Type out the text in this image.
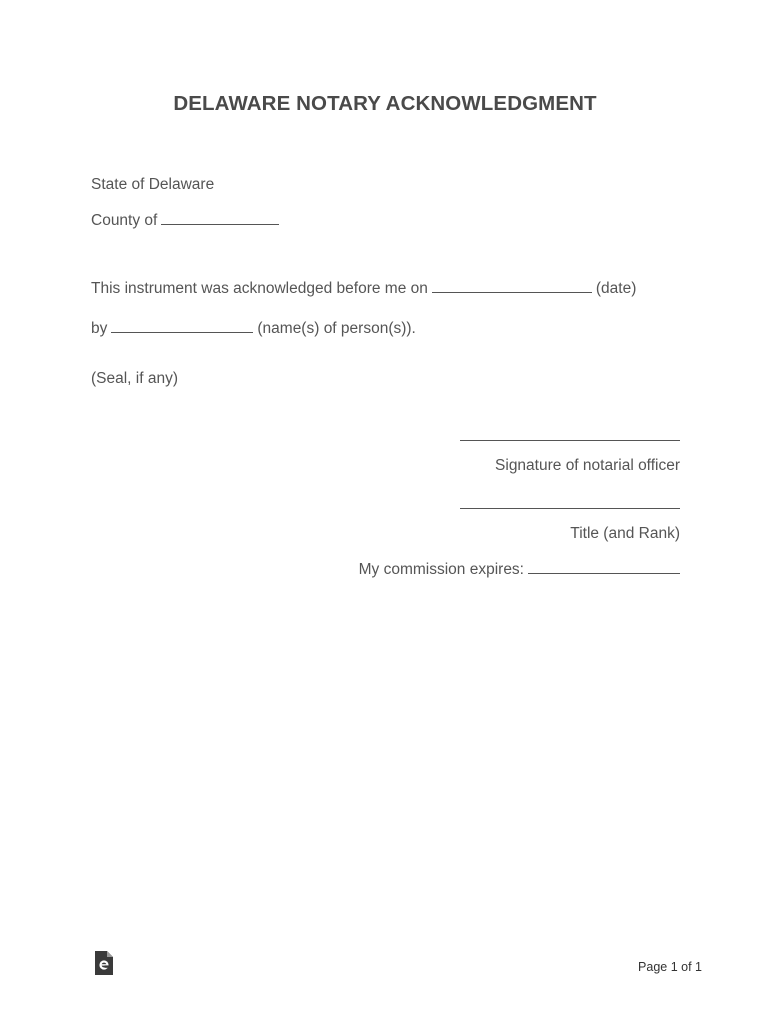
DELAWARE NOTARY ACKNOWLEDGMENT
State of Delaware
County of
This instrument was acknowledged before me on	(date)
by	(name(s) of person(s)).
(Seal, if any)
Signature of notarial officer
Title (and Rank)
My commission expires:
Page 1 of 1
